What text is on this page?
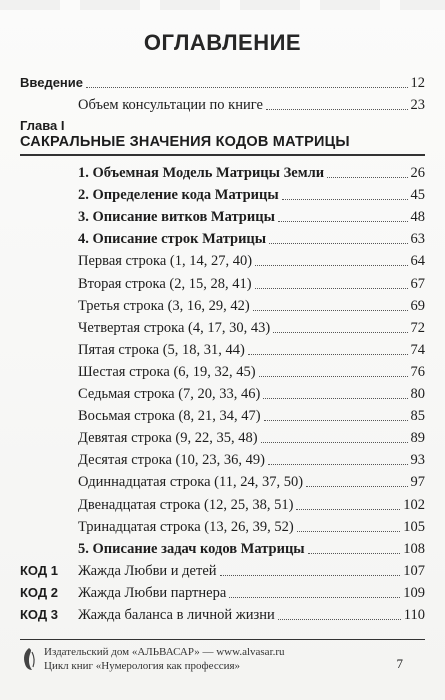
ОГЛАВЛЕНИЕ
Введение	12
Объем консультации по книге	23
Глава I
САКРАЛЬНЫЕ ЗНАЧЕНИЯ КОДОВ МАТРИЦЫ
1. Объемная Модель Матрицы Земли	26
2. Определение кода Матрицы	45
3. Описание витков Матрицы	48
4. Описание строк Матрицы	63
Первая строка (1, 14, 27, 40)	64
Вторая строка (2, 15, 28, 41)	67
Третья строка (3, 16, 29, 42)	69
Четвертая строка (4, 17, 30, 43)	72
Пятая строка (5, 18, 31, 44)	74
Шестая строка (6, 19, 32, 45)	76
Седьмая строка (7, 20, 33, 46)	80
Восьмая строка (8, 21, 34, 47)	85
Девятая строка (9, 22, 35, 48)	89
Десятая строка (10, 23, 36, 49)	93
Одиннадцатая строка (11, 24, 37, 50)	97
Двенадцатая строка (12, 25, 38, 51)	102
Тринадцатая строка (13, 26, 39, 52)	105
5. Описание задач кодов Матрицы	108
КОД 1 Жажда Любви и детей	107
КОД 2 Жажда Любви партнера	109
КОД 3 Жажда баланса в личной жизни	110
Издательский дом «АЛЬВАСАР» — www.alvasar.ru
Цикл книг «Нумерология как профессия»	7
